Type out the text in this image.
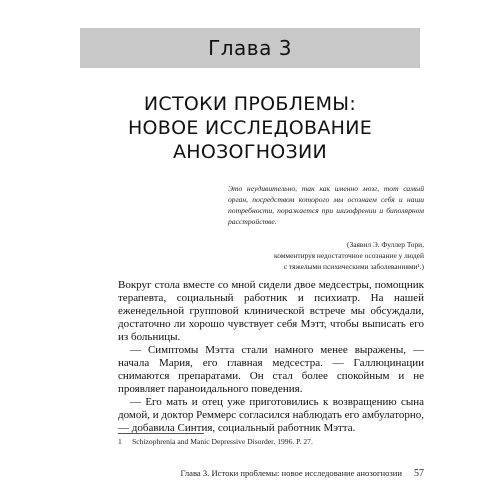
Глава 3
ИСТОКИ ПРОБЛЕМЫ:
НОВОЕ ИССЛЕДОВАНИЕ
АНОЗОГНОЗИИ
Это неудивительно, так как именно мозг, тот самый орган, посредством которого мы осознаем себя и наши потребности, поражается при шизофрении и биполярном расстройстве.
(Заявил Э. Фуллер Тори,
комментируя недостаточное осознание у людей
с тяжелыми психическими заболеваниями¹.)

Вокруг стола вместе со мной сидели двое медсестры, помощник терапевта, социальный работник и психиатр. На нашей еженедельной групповой клинической встрече мы обсуждали, достаточно ли хорошо чувствует себя Мэтт, чтобы выписать его из больницы.

— Симптомы Мэтта стали намного менее выражены, — начала Мария, его главная медсестра. — Галлюцинации снимаются препаратами. Он стал более спокойным и не проявляет параноидального поведения.

— Его мать и отец уже приготовились к возвращению сына домой, и доктор Реммерс согласился наблюдать его амбулаторно, — добавила Синтия, социальный работник Мэтта.

1 Schizophrenia and Manic Depressive Disorder, 1996. P. 27.
Глава 3. Истоки проблемы: новое исследование анозогнозии 57
